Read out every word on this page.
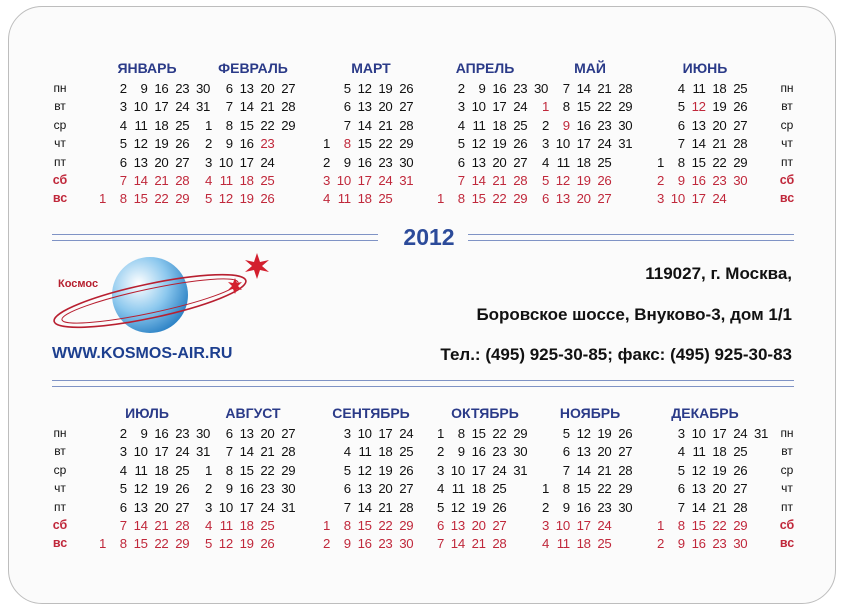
пн
вт
ср
чт
пт
сб
вс
пн
вт
ср
чт
пт
сб
вс
пн
вт
ср
чт
пт
сб
вс
пн
вт
ср
чт
пт
сб
вс
ЯНВАРЬ
1
2
3
4
5
6
7
8
9
10
11
12
13
14
15
16
17
18
19
20
21
22
23
24
25
26
27
28
29
30
31
ФЕВРАЛЬ
1
2
3
4
5
6
7
8
9
10
11
12
13
14
15
16
17
18
19
20
21
22
23
24
25
26
27
28
29
МАРТ
1
2
3
4
5
6
7
8
9
10
11
12
13
14
15
16
17
18
19
20
21
22
23
24
25
26
27
28
29
30
31
АПРЕЛЬ
1
2
3
4
5
6
7
8
9
10
11
12
13
14
15
16
17
18
19
20
21
22
23
24
25
26
27
28
29
30
МАЙ
1
2
3
4
5
6
7
8
9
10
11
12
13
14
15
16
17
18
19
20
21
22
23
24
25
26
27
28
29
30
31
ИЮНЬ
1
2
3
4
5
6
7
8
9
10
11
12
13
14
15
16
17
18
19
20
21
22
23
24
25
26
27
28
29
30
ИЮЛЬ
1
2
3
4
5
6
7
8
9
10
11
12
13
14
15
16
17
18
19
20
21
22
23
24
25
26
27
28
29
30
31
АВГУСТ
1
2
3
4
5
6
7
8
9
10
11
12
13
14
15
16
17
18
19
20
21
22
23
24
25
26
27
28
29
30
31
СЕНТЯБРЬ
1
2
3
4
5
6
7
8
9
10
11
12
13
14
15
16
17
18
19
20
21
22
23
24
25
26
27
28
29
30
ОКТЯБРЬ
1
2
3
4
5
6
7
8
9
10
11
12
13
14
15
16
17
18
19
20
21
22
23
24
25
26
27
28
29
30
31
НОЯБРЬ
1
2
3
4
5
6
7
8
9
10
11
12
13
14
15
16
17
18
19
20
21
22
23
24
25
26
27
28
29
30
ДЕКАБРЬ
1
2
3
4
5
6
7
8
9
10
11
12
13
14
15
16
17
18
19
20
21
22
23
24
25
26
27
28
29
30
31
2012
Космос
WWW.KOSMOS-AIR.RU
119027, г. Москва,
Боровское шоссе, Внуково-3, дом 1/1
Тел.: (495) 925-30-85; факс: (495) 925-30-83
